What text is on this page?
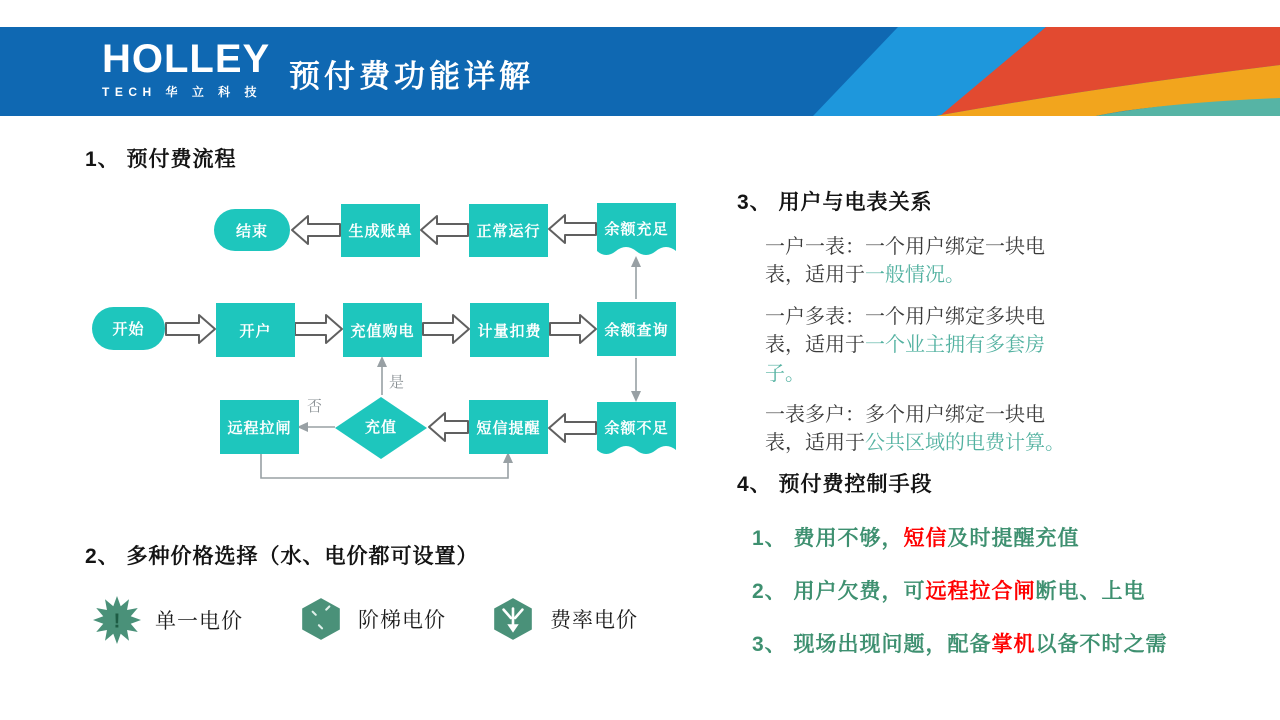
HOLLEY
TECH 华 立 科 技 预付费功能详解
1、 预付费流程
2、 多种价格选择（水、电价都可设置）
3、 用户与电表关系
4、 预付费控制手段
是
否
结束	生成账单	正常运行	余额充足
开始	开户	充值购电	计量扣费	余额查询
远程拉闸	充值	短信提醒	余额不足
! 单一电价	阶梯电价	费率电价

一户一表：一个用户绑定一块电表，适用于一般情况。

一户多表：一个用户绑定多块电表，适用于一个业主拥有多套房子。

一表多户：多个用户绑定一块电表，适用于公共区域的电费计算。

1、 费用不够，短信及时提醒充值
2、 用户欠费，可远程拉合闸断电、上电
3、 现场出现问题，配备掌机以备不时之需
